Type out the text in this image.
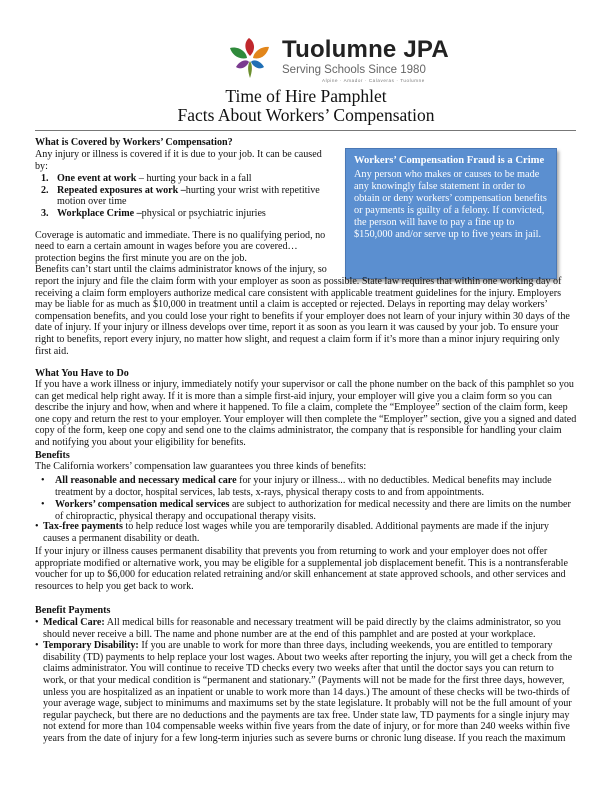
Tuolumne JPA
Serving Schools Since 1980
Alpine · Amador · Calaveras · Tuolumne
Time of Hire Pamphlet
Facts About Workers’ Compensation
Workers’ Compensation Fraud is a Crime
Any person who makes or causes to be made any knowingly false statement in order to obtain or deny workers’ compensation benefits or payments is guilty of a felony. If convicted, the person will have to pay a fine up to $150,000 and/or serve up to five years in jail.
What is Covered by Workers’ Compensation?
Any injury or illness is covered if it is due to your job. It can be caused by:
1. One event at work – hurting your back in a fall
2. Repeated exposures at work –hurting your wrist with repetitive motion over time
3. Workplace Crime –physical or psychiatric injuries
Coverage is automatic and immediate. There is no qualifying period, no
need to earn a certain amount in wages before you are covered…
protection begins the first minute you are on the job.
Benefits can’t start until the claims administrator knows of the injury, so
report the injury and file the claim form with your employer as soon as possible. State law requires that within one working day of receiving a claim form employers authorize medical care consistent with applicable treatment guidelines for the injury. Employers may be liable for as much as $10,000 in treatment until a claim is accepted or rejected. Delays in reporting may delay workers’ compensation benefits, and you could lose your right to benefits if your employer does not learn of your injury within 30 days of the date of injury. If your injury or illness develops over time, report it as soon as you learn it was caused by your job. To ensure your right to benefits, report every injury, no matter how slight, and request a claim form if it’s more than a minor injury requiring only first aid.
What You Have to Do
If you have a work illness or injury, immediately notify your supervisor or call the phone number on the back of this pamphlet so you can get medical help right away. If it is more than a simple first-aid injury, your employer will give you a claim form so you can describe the injury and how, when and where it happened. To file a claim, complete the “Employee” section of the claim form, keep one copy and return the rest to your employer. Your employer will then complete the “Employer” section, give you a signed and dated copy of the form, keep one copy and send one to the claims administrator, the company that is responsible for handling your claim and notifying you about your eligibility for benefits.
Benefits
The California workers’ compensation law guarantees you three kinds of benefits:
• All reasonable and necessary medical care for your injury or illness... with no deductibles. Medical benefits may include treatment by a doctor, hospital services, lab tests, x-rays, physical therapy costs to and from appointments.
• Workers’ compensation medical services are subject to authorization for medical necessity and there are limits on the number of chiropractic, physical therapy and occupational therapy visits.
• Tax-free payments to help reduce lost wages while you are temporarily disabled. Additional payments are made if the injury causes a permanent disability or death.
If your injury or illness causes permanent disability that prevents you from returning to work and your employer does not offer appropriate modified or alternative work, you may be eligible for a supplemental job displacement benefit. This is a nontransferable voucher for up to $6,000 for education related retraining and/or skill enhancement at state approved schools, and other services and resources to help you get back to work.
Benefit Payments
• Medical Care: All medical bills for reasonable and necessary treatment will be paid directly by the claims administrator, so you should never receive a bill. The name and phone number are at the end of this pamphlet and are posted at your workplace.
• Temporary Disability: If you are unable to work for more than three days, including weekends, you are entitled to temporary disability (TD) payments to help replace your lost wages. About two weeks after reporting the injury, you will get a check from the claims administrator. You will continue to receive TD checks every two weeks after that until the doctor says you can return to work, or that your medical condition is “permanent and stationary.” (Payments will not be made for the first three days, however, unless you are hospitalized as an inpatient or unable to work more than 14 days.) The amount of these checks will be two-thirds of your average wage, subject to minimums and maximums set by the state legislature. It probably will not be the full amount of your regular paycheck, but there are no deductions and the payments are tax free. Under state law, TD payments for a single injury may not extend for more than 104 compensable weeks within five years from the date of injury, or for more than 240 weeks within five years from the date of injury for a few long-term injuries such as severe burns or chronic lung disease. If you reach the maximum
